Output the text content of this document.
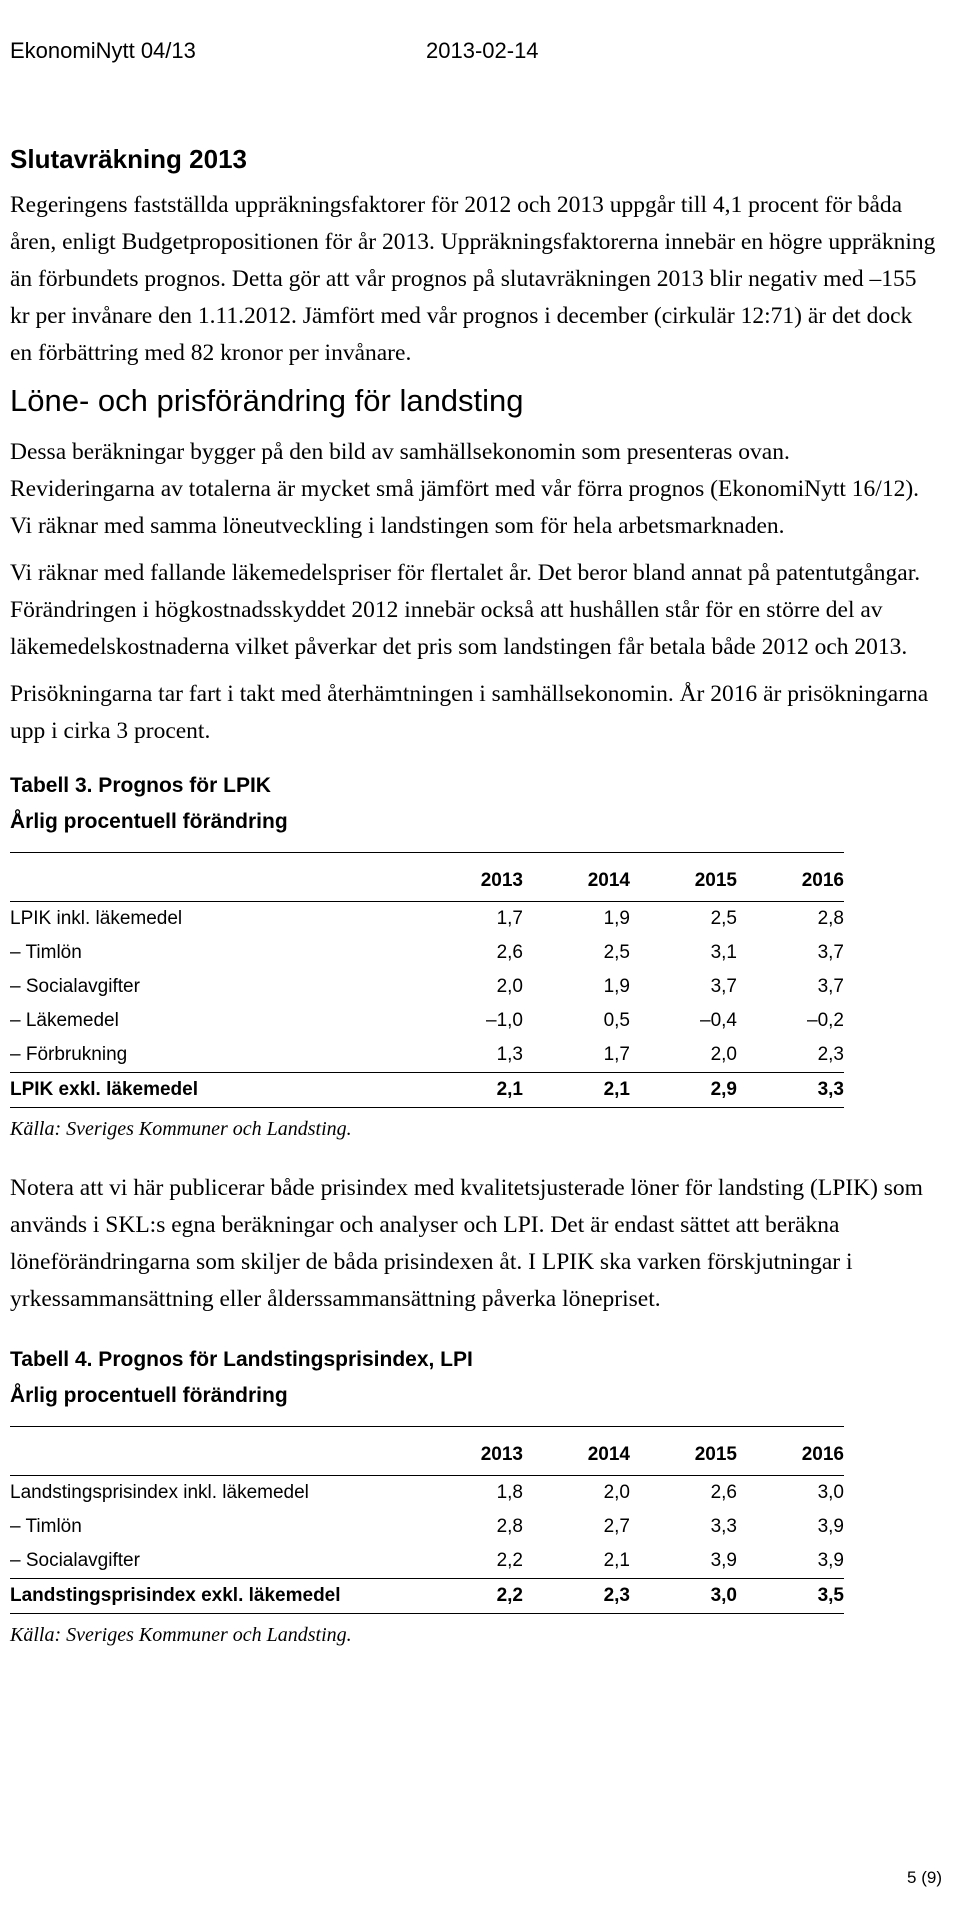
EkonomiNytt 04/13	2013-02-14
Slutavräkning 2013

Regeringens fastställda uppräkningsfaktorer för 2012 och 2013 uppgår till 4,1 procent för båda åren, enligt Budgetpropositionen för år 2013. Uppräkningsfaktorerna innebär en högre uppräkning än förbundets prognos. Detta gör att vår prognos på slutavräkningen 2013 blir negativ med –155 kr per invånare den 1.11.2012. Jämfört med vår prognos i december (cirkulär 12:71) är det dock en förbättring med 82 kronor per invånare.

Löne- och prisförändring för landsting

Dessa beräkningar bygger på den bild av samhällsekonomin som presenteras ovan. Revideringarna av totalerna är mycket små jämfört med vår förra prognos (EkonomiNytt 16/12). Vi räknar med samma löneutveckling i landstingen som för hela arbetsmarknaden.

Vi räknar med fallande läkemedelspriser för flertalet år. Det beror bland annat på patentutgångar. Förändringen i högkostnadsskyddet 2012 innebär också att hushållen står för en större del av läkemedelskostnaderna vilket påverkar det pris som landstingen får betala både 2012 och 2013.

Prisökningarna tar fart i takt med återhämtningen i samhällsekonomin. År 2016 är prisökningarna upp i cirka 3 procent.

Tabell 3. Prognos för LPIK

Årlig procentuell förändring

	2013	2014	2015	2016
LPIK inkl. läkemedel	1,7	1,9	2,5	2,8
– Timlön	2,6	2,5	3,1	3,7
– Socialavgifter	2,0	1,9	3,7	3,7
– Läkemedel	–1,0	0,5	–0,4	–0,2
– Förbrukning	1,3	1,7	2,0	2,3
LPIK exkl. läkemedel	2,1	2,1	2,9	3,3

Källa: Sveriges Kommuner och Landsting.

Notera att vi här publicerar både prisindex med kvalitetsjusterade löner för landsting (LPIK) som används i SKL:s egna beräkningar och analyser och LPI. Det är endast sättet att beräkna löneförändringarna som skiljer de båda prisindexen åt. I LPIK ska varken förskjutningar i yrkessammansättning eller ålderssammansättning påverka lönepriset.

Tabell 4. Prognos för Landstingsprisindex, LPI

Årlig procentuell förändring

	2013	2014	2015	2016
Landstingsprisindex inkl. läkemedel	1,8	2,0	2,6	3,0
– Timlön	2,8	2,7	3,3	3,9
– Socialavgifter	2,2	2,1	3,9	3,9
Landstingsprisindex exkl. läkemedel	2,2	2,3	3,0	3,5

Källa: Sveriges Kommuner och Landsting.

5 (9)
